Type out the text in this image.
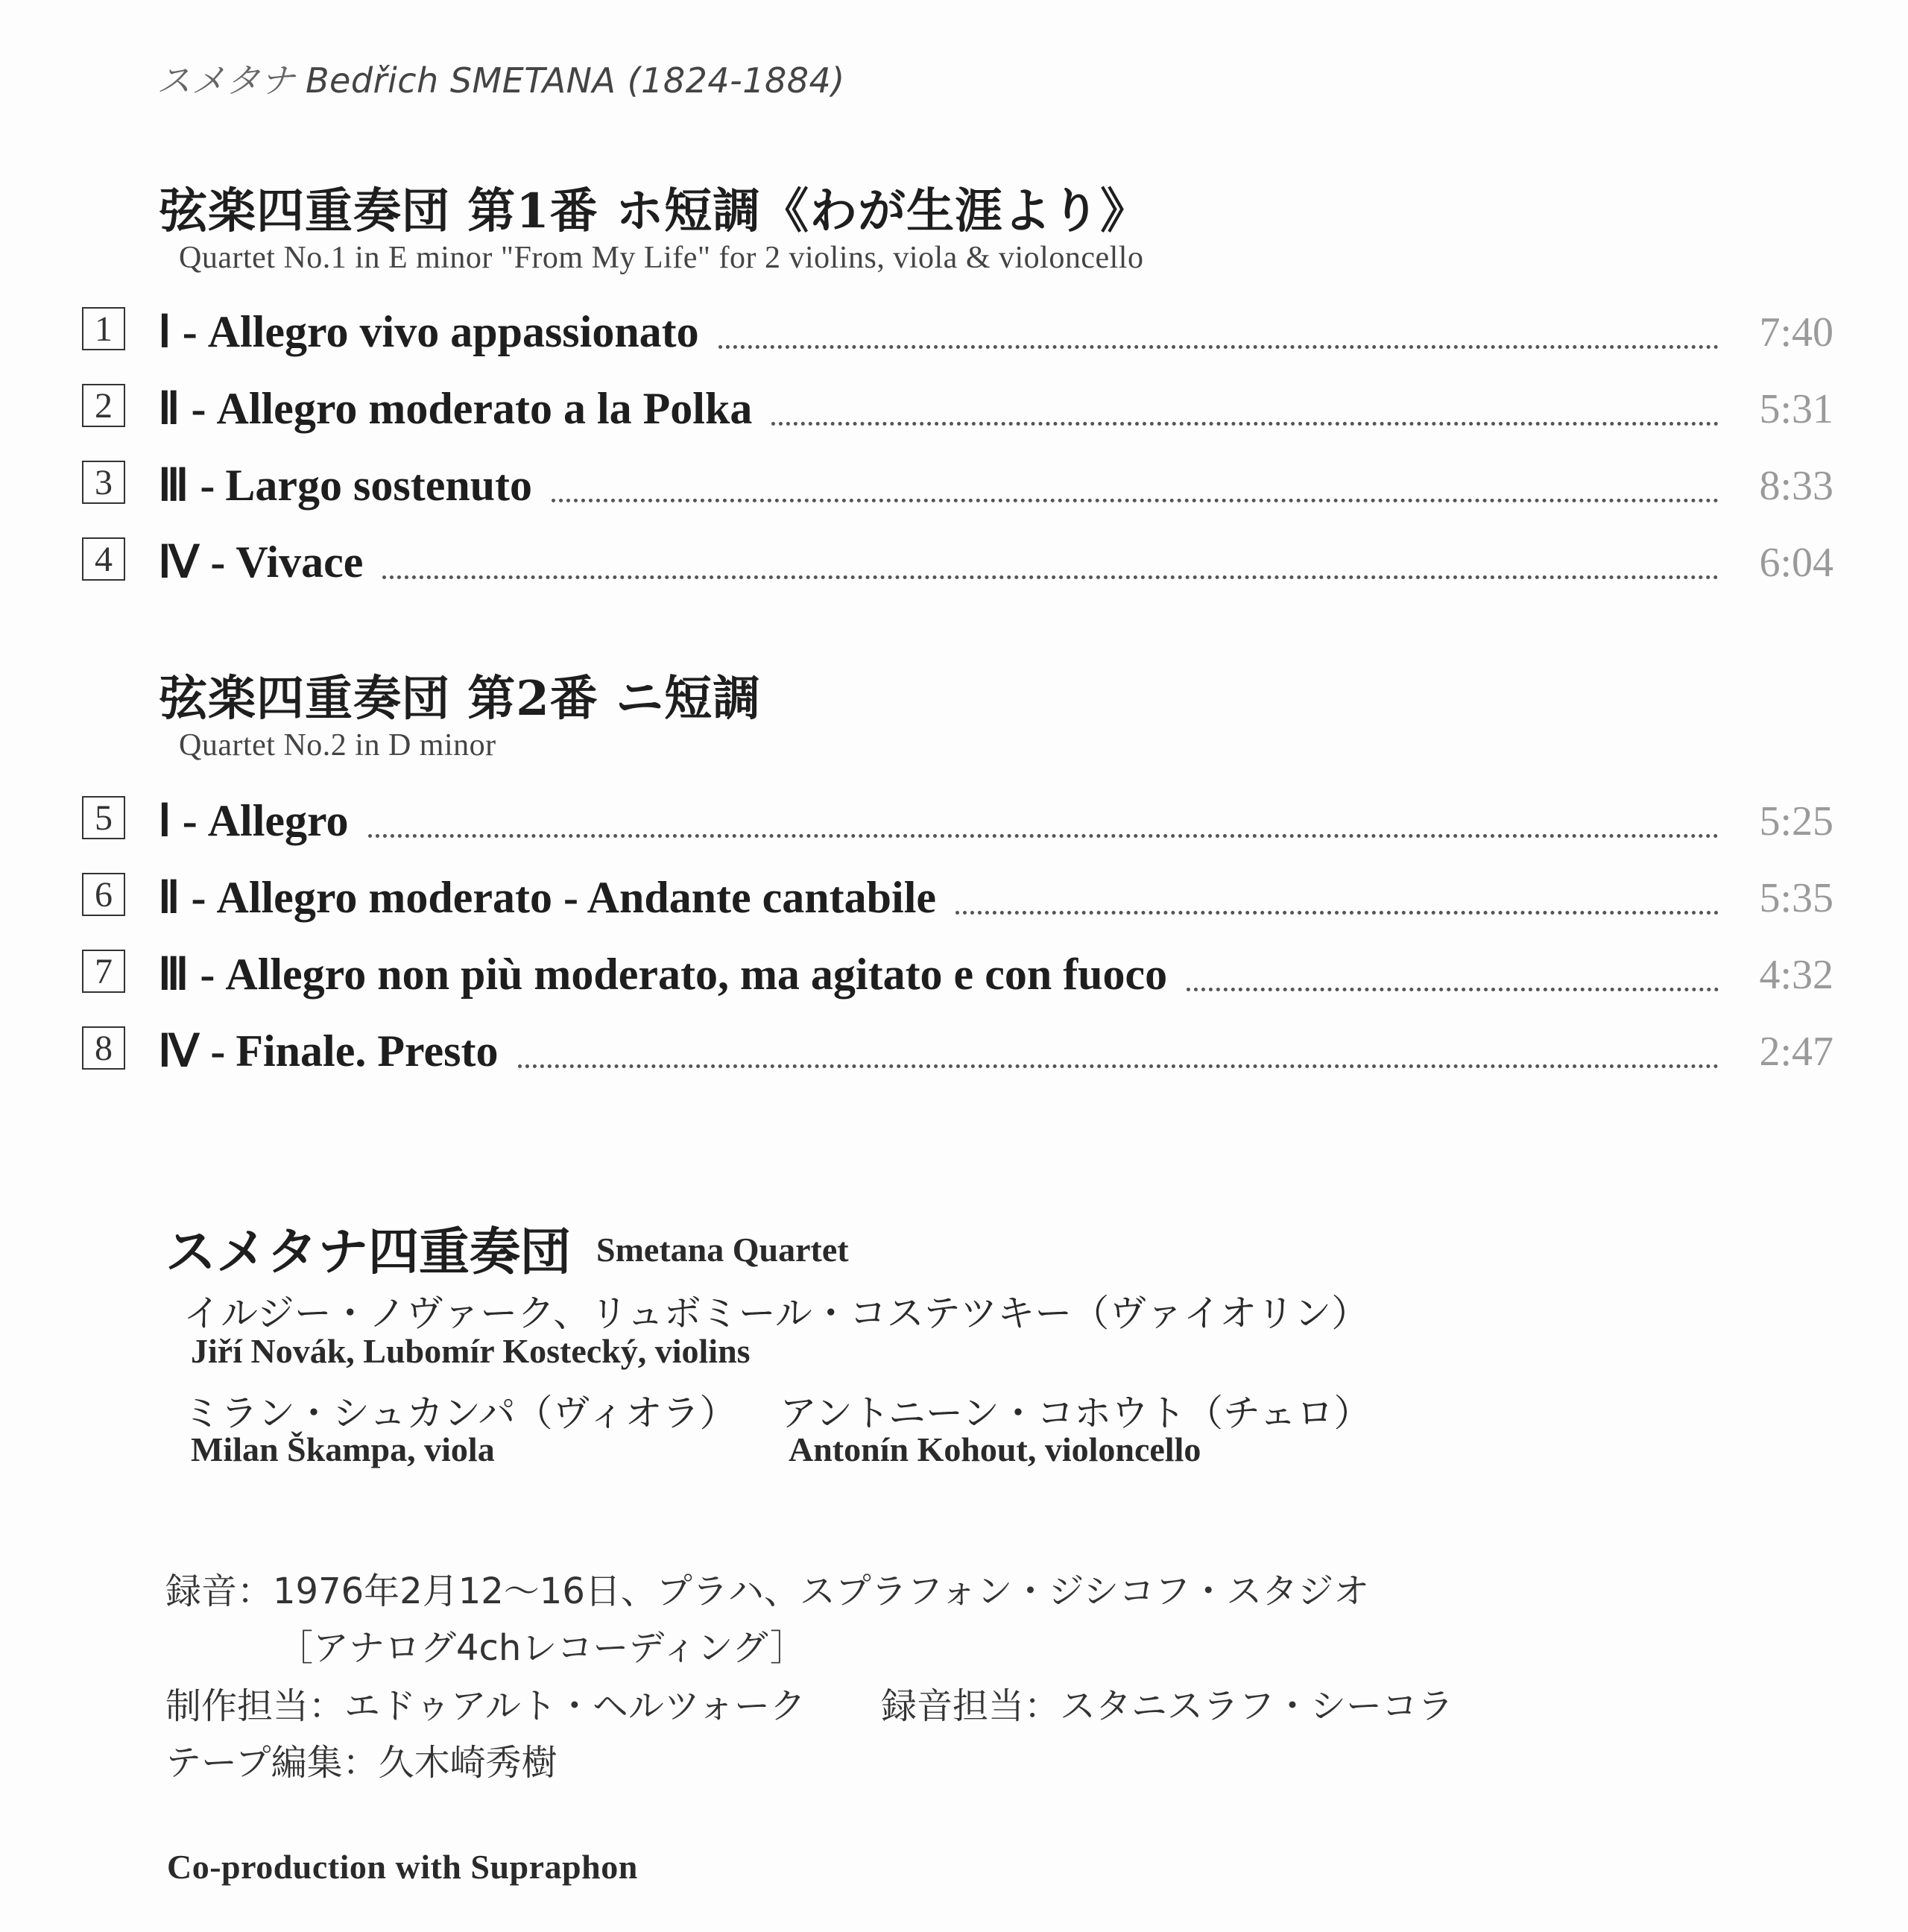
スメタナ Bedřich SMETANA (1824-1884)
弦楽四重奏団 第1番 ホ短調《わが生涯より》
Quartet No.1 in E minor "From My Life" for 2 violins, viola & violoncello
1 Ⅰ - Allegro vivo appassionato	7:40
2 Ⅱ - Allegro moderato a la Polka	5:31
3 Ⅲ - Largo sostenuto	8:33
4 Ⅳ - Vivace	6:04
弦楽四重奏団 第2番 ニ短調
Quartet No.2 in D minor
5 Ⅰ - Allegro	5:25
6 Ⅱ - Allegro moderato - Andante cantabile	5:35
7 Ⅲ - Allegro non più moderato, ma agitato e con fuoco	4:32
8 Ⅳ - Finale. Presto	2:47
スメタナ四重奏団 Smetana Quartet
イルジー・ノヴァーク、リュボミール・コステツキー（ヴァイオリン）
Jiří Novák, Lubomír Kostecký, violins
ミラン・シュカンパ（ヴィオラ）
Milan Škampa, viola
アントニーン・コホウト（チェロ）
Antonín Kohout, violoncello
録音：1976年2月12～16日、プラハ、スプラフォン・ジシコフ・スタジオ
［アナログ4chレコーディング］
制作担当：エドゥアルト・ヘルツォーク 録音担当：スタニスラフ・シーコラ
テープ編集：久木崎秀樹
Co-production with Supraphon
